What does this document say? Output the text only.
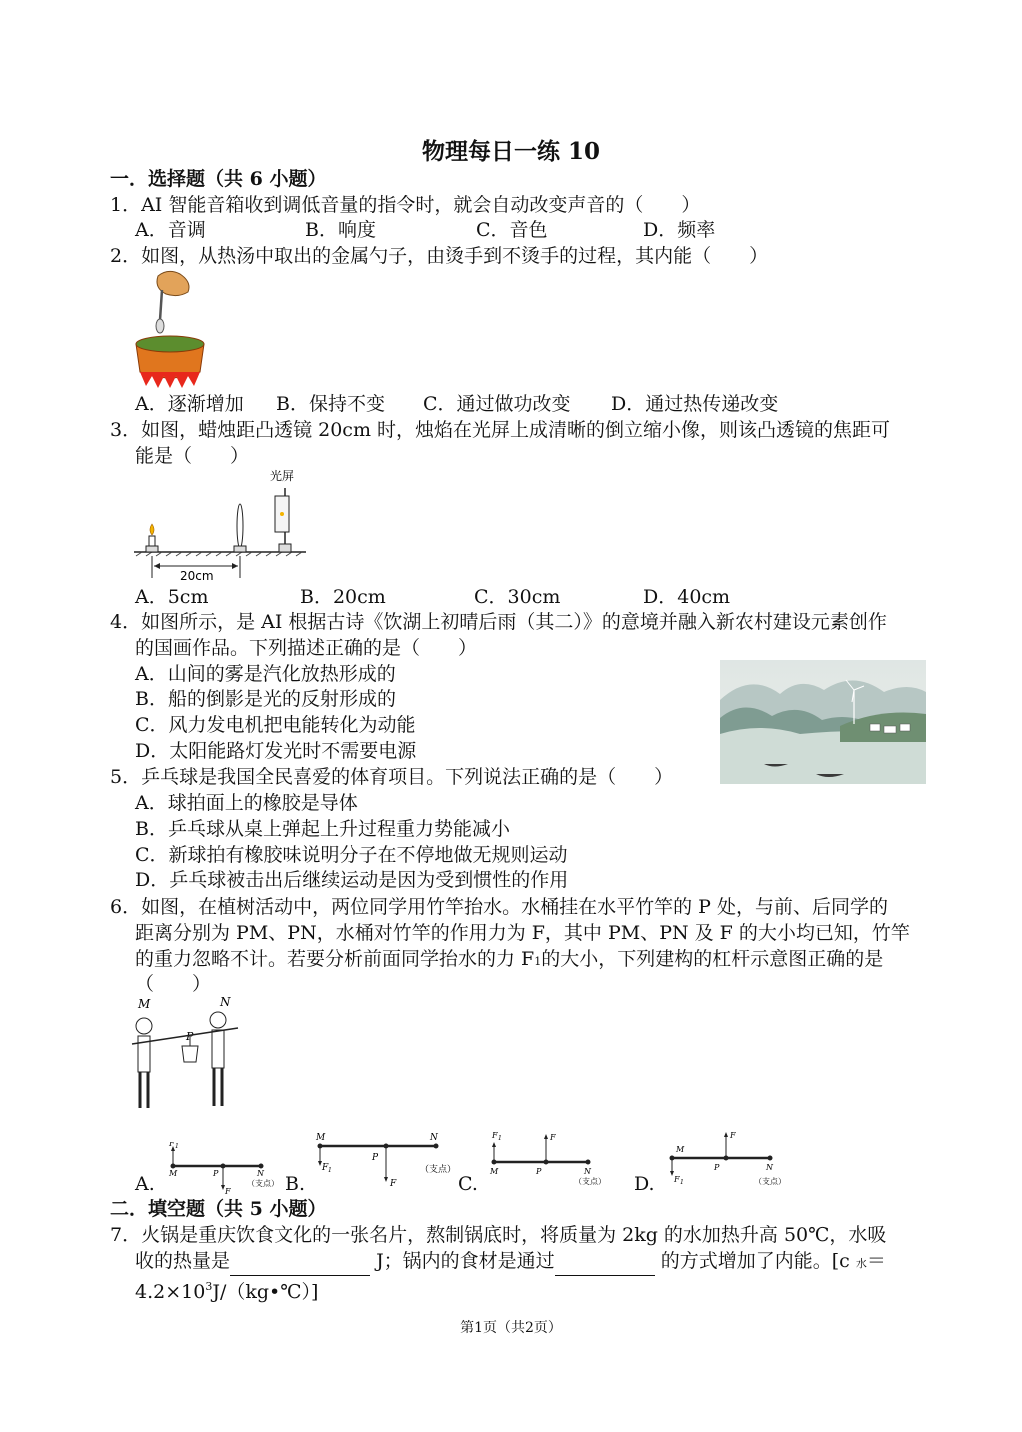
物理每日一练 10
一．选择题（共 6 小题）
1．AI 智能音箱收到调低音量的指令时，就会自动改变声音的（　　）
A．音调	B．响度	C．音色	D．频率
2．如图，从热汤中取出的金属勺子，由烫手到不烫手的过程，其内能（　　）
A．逐渐增加 B．保持不变 C．通过做功改变 D．通过热传递改变
3．如图，蜡烛距凸透镜 20cm 时，烛焰在光屏上成清晰的倒立缩小像，则该凸透镜的焦距可
能是（　　）
光屏
20cm
A．5cm	B．20cm	C．30cm	D．40cm
4．如图所示，是 AI 根据古诗《饮湖上初晴后雨（其二）》的意境并融入新农村建设元素创作
的国画作品。下列描述正确的是（　　）
A．山间的雾是汽化放热形成的
B．船的倒影是光的反射形成的
C．风力发电机把电能转化为动能
D．太阳能路灯发光时不需要电源
5．乒乓球是我国全民喜爱的体育项目。下列说法正确的是（　　）
A．球拍面上的橡胶是导体
B．乒乓球从桌上弹起上升过程重力势能减小
C．新球拍有橡胶味说明分子在不停地做无规则运动
D．乒乓球被击出后继续运动是因为受到惯性的作用
6．如图，在植树活动中，两位同学用竹竿抬水。水桶挂在水平竹竿的 P 处，与前、后同学的
距离分别为 PM、PN，水桶对竹竿的作用力为 F，其中 PM、PN 及 F 的大小均已知，竹竿
的重力忽略不计。若要分析前面同学抬水的力 F1的大小，下列建构的杠杆示意图正确的是
（　　）
M	N
P
F 1
F
M	P	N
（支点）
A.
M	N
P
F 1
F
（支点）
B.
F 1	F
M	P	N
（支点）
C.
M
P	N
F 1
F
（支点）
D.
二．填空题（共 5 小题）
7．火锅是重庆饮食文化的一张名片，熬制锅底时，将质量为 2kg 的水加热升高 50℃，水吸
收的热量是	J；锅内的食材是通过	的方式增加了内能。[c 水＝
$4.2\times 10^3J/(kg•℃)$]
第1页（共2页）
